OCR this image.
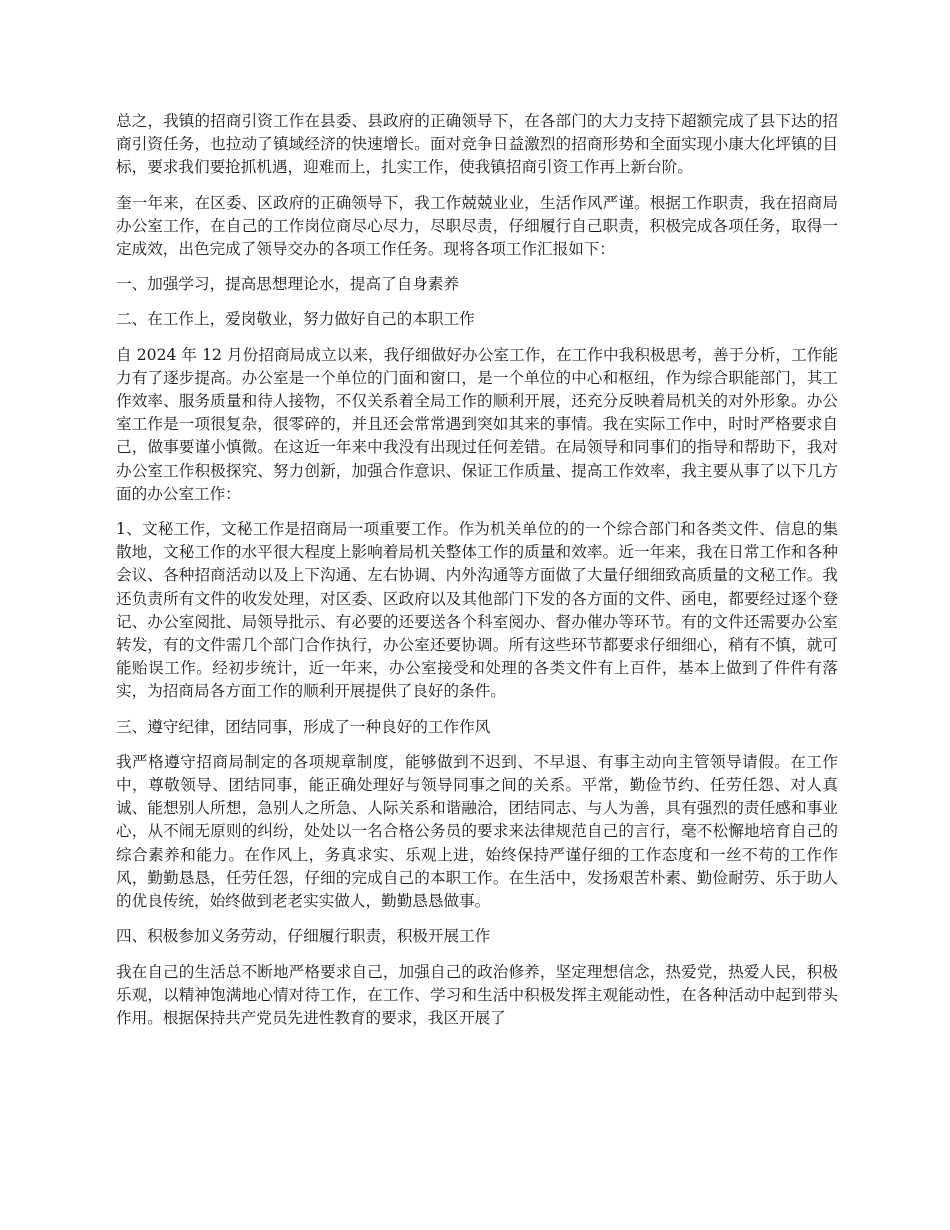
总之，我镇的招商引资工作在县委、县政府的正确领导下，在各部门的大力支持下超额完成了县下达的招商引资任务，也拉动了镇域经济的快速增长。面对竞争日益激烈的招商形势和全面实现小康大化坪镇的目标，要求我们要抢抓机遇，迎难而上，扎实工作，使我镇招商引资工作再上新台阶。

奎一年来，在区委、区政府的正确领导下，我工作兢兢业业，生活作风严谨。根据工作职责，我在招商局办公室工作，在自己的工作岗位商尽心尽力，尽职尽责，仔细履行自己职责，积极完成各项任务，取得一定成效，出色完成了领导交办的各项工作任务。现将各项工作汇报如下：

一、加强学习，提高思想理论水，提高了自身素养

二、在工作上，爱岗敬业，努力做好自己的本职工作

自 2024 年 12 月份招商局成立以来，我仔细做好办公室工作，在工作中我积极思考，善于分析，工作能力有了逐步提高。办公室是一个单位的门面和窗口，是一个单位的中心和枢纽，作为综合职能部门，其工作效率、服务质量和待人接物，不仅关系着全局工作的顺利开展，还充分反映着局机关的对外形象。办公室工作是一项很复杂，很零碎的，并且还会常常遇到突如其来的事情。我在实际工作中，时时严格要求自己，做事要谨小慎微。在这近一年来中我没有出现过任何差错。在局领导和同事们的指导和帮助下，我对办公室工作积极探究、努力创新，加强合作意识、保证工作质量、提高工作效率，我主要从事了以下几方面的办公室工作：

1、文秘工作，文秘工作是招商局一项重要工作。作为机关单位的的一个综合部门和各类文件、信息的集散地，文秘工作的水平很大程度上影响着局机关整体工作的质量和效率。近一年来，我在日常工作和各种会议、各种招商活动以及上下沟通、左右协调、内外沟通等方面做了大量仔细细致高质量的文秘工作。我还负责所有文件的收发处理，对区委、区政府以及其他部门下发的各方面的文件、函电，都要经过逐个登记、办公室阅批、局领导批示、有必要的还要送各个科室阅办、督办催办等环节。有的文件还需要办公室转发，有的文件需几个部门合作执行，办公室还要协调。所有这些环节都要求仔细细心，稍有不慎，就可能贻误工作。经初步统计，近一年来，办公室接受和处理的各类文件有上百件，基本上做到了件件有落实，为招商局各方面工作的顺利开展提供了良好的条件。

三、遵守纪律，团结同事，形成了一种良好的工作作风

我严格遵守招商局制定的各项规章制度，能够做到不迟到、不早退、有事主动向主管领导请假。在工作中，尊敬领导、团结同事，能正确处理好与领导同事之间的关系。平常，勤俭节约、任劳任怨、对人真诚、能想别人所想，急别人之所急、人际关系和谐融洽，团结同志、与人为善，具有强烈的责任感和事业心，从不闹无原则的纠纷，处处以一名合格公务员的要求来法律规范自己的言行，毫不松懈地培育自己的综合素养和能力。在作风上，务真求实、乐观上进，始终保持严谨仔细的工作态度和一丝不苟的工作作风，勤勤恳恳，任劳任怨，仔细的完成自己的本职工作。在生活中，发扬艰苦朴素、勤俭耐劳、乐于助人的优良传统，始终做到老老实实做人，勤勤恳恳做事。

四、积极参加义务劳动，仔细履行职责，积极开展工作

我在自己的生活总不断地严格要求自己，加强自己的政治修养，坚定理想信念，热爱党，热爱人民，积极乐观，以精神饱满地心情对待工作，在工作、学习和生活中积极发挥主观能动性，在各种活动中起到带头作用。根据保持共产党员先进性教育的要求，我区开展了
